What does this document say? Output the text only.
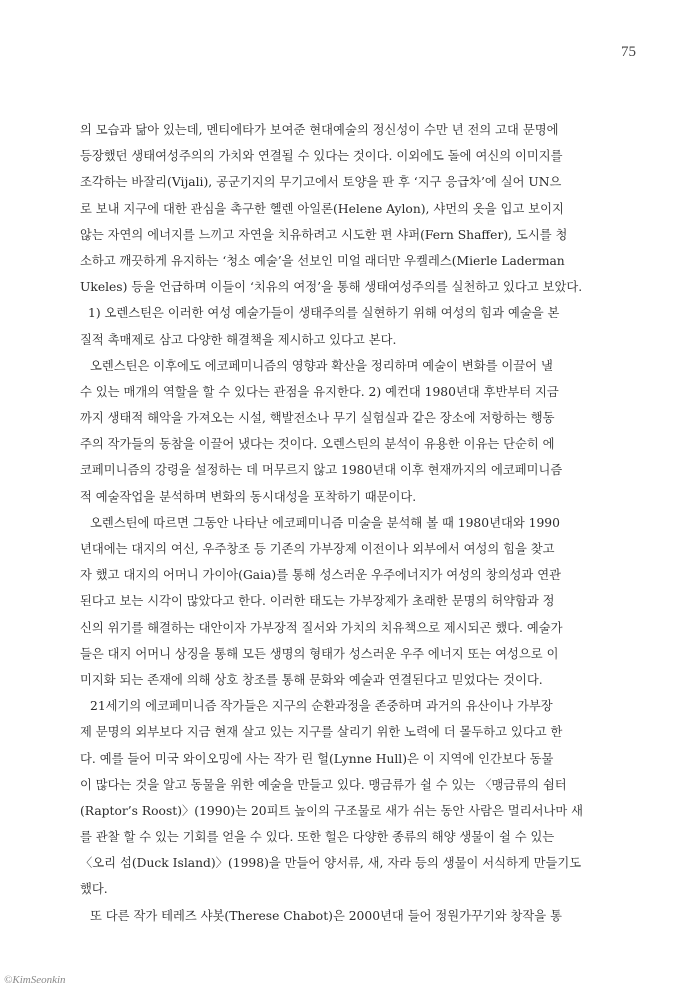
75
의 모습과 닮아 있는데, 멘티에타가 보여준 현대예술의 정신성이 수만 년 전의 고대 문명에
등장했던 생태여성주의의 가치와 연결될 수 있다는 것이다. 이외에도 돌에 여신의 이미지를
조각하는 바잘리(Vijali), 공군기지의 무기고에서 토양을 판 후 ‘지구 응급차’에 실어 UN으
로 보내 지구에 대한 관심을 촉구한 헬렌 아일론(Helene Aylon), 샤먼의 옷을 입고 보이지
않는 자연의 에너지를 느끼고 자연을 치유하려고 시도한 편 샤퍼(Fern Shaffer), 도시를 청
소하고 깨끗하게 유지하는 ‘청소 예술’을 선보인 미얼 래더만 우켈레스(Mierle Laderman
Ukeles) 등을 언급하며 이들이 ‘치유의 여정’을 통해 생태여성주의를 실천하고 있다고 보았다.
1) 오렌스틴은 이러한 여성 예술가들이 생태주의를 실현하기 위해 여성의 힘과 예술을 본
질적 촉매제로 삼고 다양한 해결책을 제시하고 있다고 본다.
오렌스틴은 이후에도 에코페미니즘의 영향과 확산을 정리하며 예술이 변화를 이끌어 낼
수 있는 매개의 역할을 할 수 있다는 관점을 유지한다. 2) 예컨대 1980년대 후반부터 지금
까지 생태적 해악을 가져오는 시설, 핵발전소나 무기 실험실과 같은 장소에 저항하는 행동
주의 작가들의 동참을 이끌어 냈다는 것이다. 오렌스틴의 분석이 유용한 이유는 단순히 에
코페미니즘의 강령을 설정하는 데 머무르지 않고 1980년대 이후 현재까지의 에코페미니즘
적 예술작업을 분석하며 변화의 동시대성을 포착하기 때문이다.
오렌스틴에 따르면 그동안 나타난 에코페미니즘 미술을 분석해 볼 때 1980년대와 1990
년대에는 대지의 여신, 우주창조 등 기존의 가부장제 이전이나 외부에서 여성의 힘을 찾고
자 했고 대지의 어머니 가이아(Gaia)를 통해 성스러운 우주에너지가 여성의 창의성과 연관
된다고 보는 시각이 많았다고 한다. 이러한 태도는 가부장제가 초래한 문명의 허약함과 정
신의 위기를 해결하는 대안이자 가부장적 질서와 가치의 치유책으로 제시되곤 했다. 예술가
들은 대지 어머니 상징을 통해 모든 생명의 형태가 성스러운 우주 에너지 또는 여성으로 이
미지화 되는 존재에 의해 상호 창조를 통해 문화와 예술과 연결된다고 믿었다는 것이다.
21세기의 에코페미니즘 작가들은 지구의 순환과정을 존중하며 과거의 유산이나 가부장
제 문명의 외부보다 지금 현재 살고 있는 지구를 살리기 위한 노력에 더 몰두하고 있다고 한
다. 예를 들어 미국 와이오밍에 사는 작가 린 헐(Lynne Hull)은 이 지역에 인간보다 동물
이 많다는 것을 알고 동물을 위한 예술을 만들고 있다. 맹금류가 쉴 수 있는 〈맹금류의 쉼터
(Raptor’s Roost)〉(1990)는 20피트 높이의 구조물로 새가 쉬는 동안 사람은 멀리서나마 새
를 관찰 할 수 있는 기회를 얻을 수 있다. 또한 헐은 다양한 종류의 해양 생물이 쉴 수 있는
〈오리 섬(Duck Island)〉(1998)을 만들어 양서류, 새, 자라 등의 생물이 서식하게 만들기도
했다.
또 다른 작가 테레즈 샤봇(Therese Chabot)은 2000년대 들어 정원가꾸기와 창작을 통
©KimSeonkin
